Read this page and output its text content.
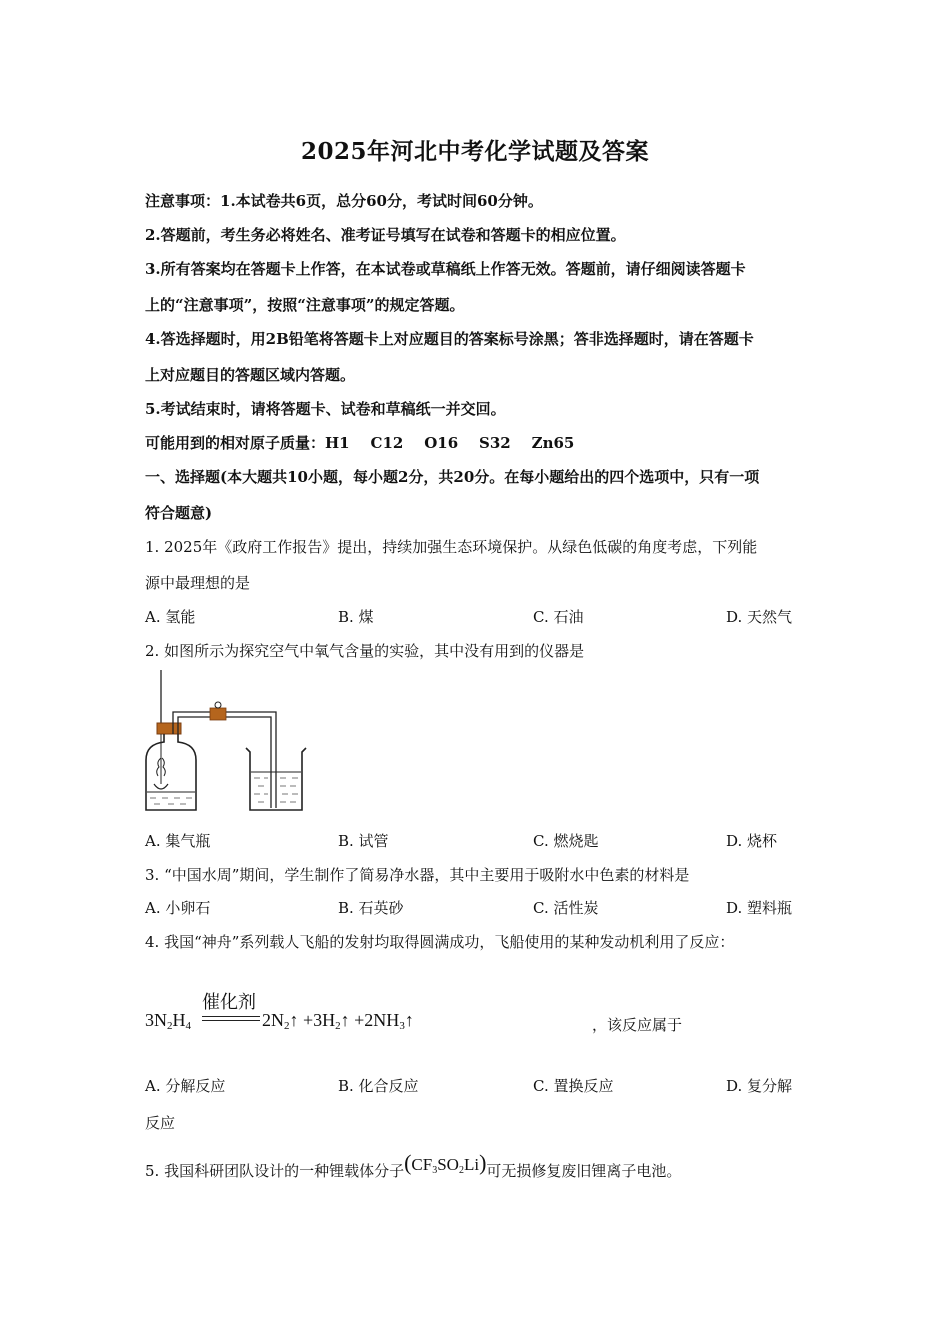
2025年河北中考化学试题及答案
注意事项：1.本试卷共6页，总分60分，考试时间60分钟。
2.答题前，考生务必将姓名、准考证号填写在试卷和答题卡的相应位置。
3.所有答案均在答题卡上作答，在本试卷或草稿纸上作答无效。答题前，请仔细阅读答题卡
上的“注意事项”，按照“注意事项”的规定答题。
4.答选择题时，用2B铅笔将答题卡上对应题目的答案标号涂黑；答非选择题时，请在答题卡
上对应题目的答题区域内答题。
5.考试结束时，请将答题卡、试卷和草稿纸一并交回。
可能用到的相对原子质量：H1    C12    O16    S32    Zn65
一、选择题(本大题共10小题，每小题2分，共20分。在每小题给出的四个选项中，只有一项
符合题意)
1. 2025年《政府工作报告》提出，持续加强生态环境保护。从绿色低碳的角度考虑，下列能
源中最理想的是
A. 氢能	B. 煤	C. 石油	D. 天然气
2. 如图所示为探究空气中氧气含量的实验，其中没有用到的仪器是
A. 集气瓶	B. 试管	C. 燃烧匙	D. 烧杯
3. “中国水周”期间，学生制作了简易净水器，其中主要用于吸附水中色素的材料是
A. 小卵石	B. 石英砂	C. 活性炭	D. 塑料瓶
4. 我国“神舟”系列载人飞船的发射均取得圆满成功，飞船使用的某种发动机利用了反应：
$3N_2H_4$
催化剂
$2N_2↑$ $+3H_2↑$ $+2NH_3↑$	，该反应属于
A. 分解反应	B. 化合反应	C. 置换反应	D. 复分解
反应
5. 我国科研团队设计的一种锂载体分子$(CF_3SO_2Li)$可无损修复废旧锂离子电池。
